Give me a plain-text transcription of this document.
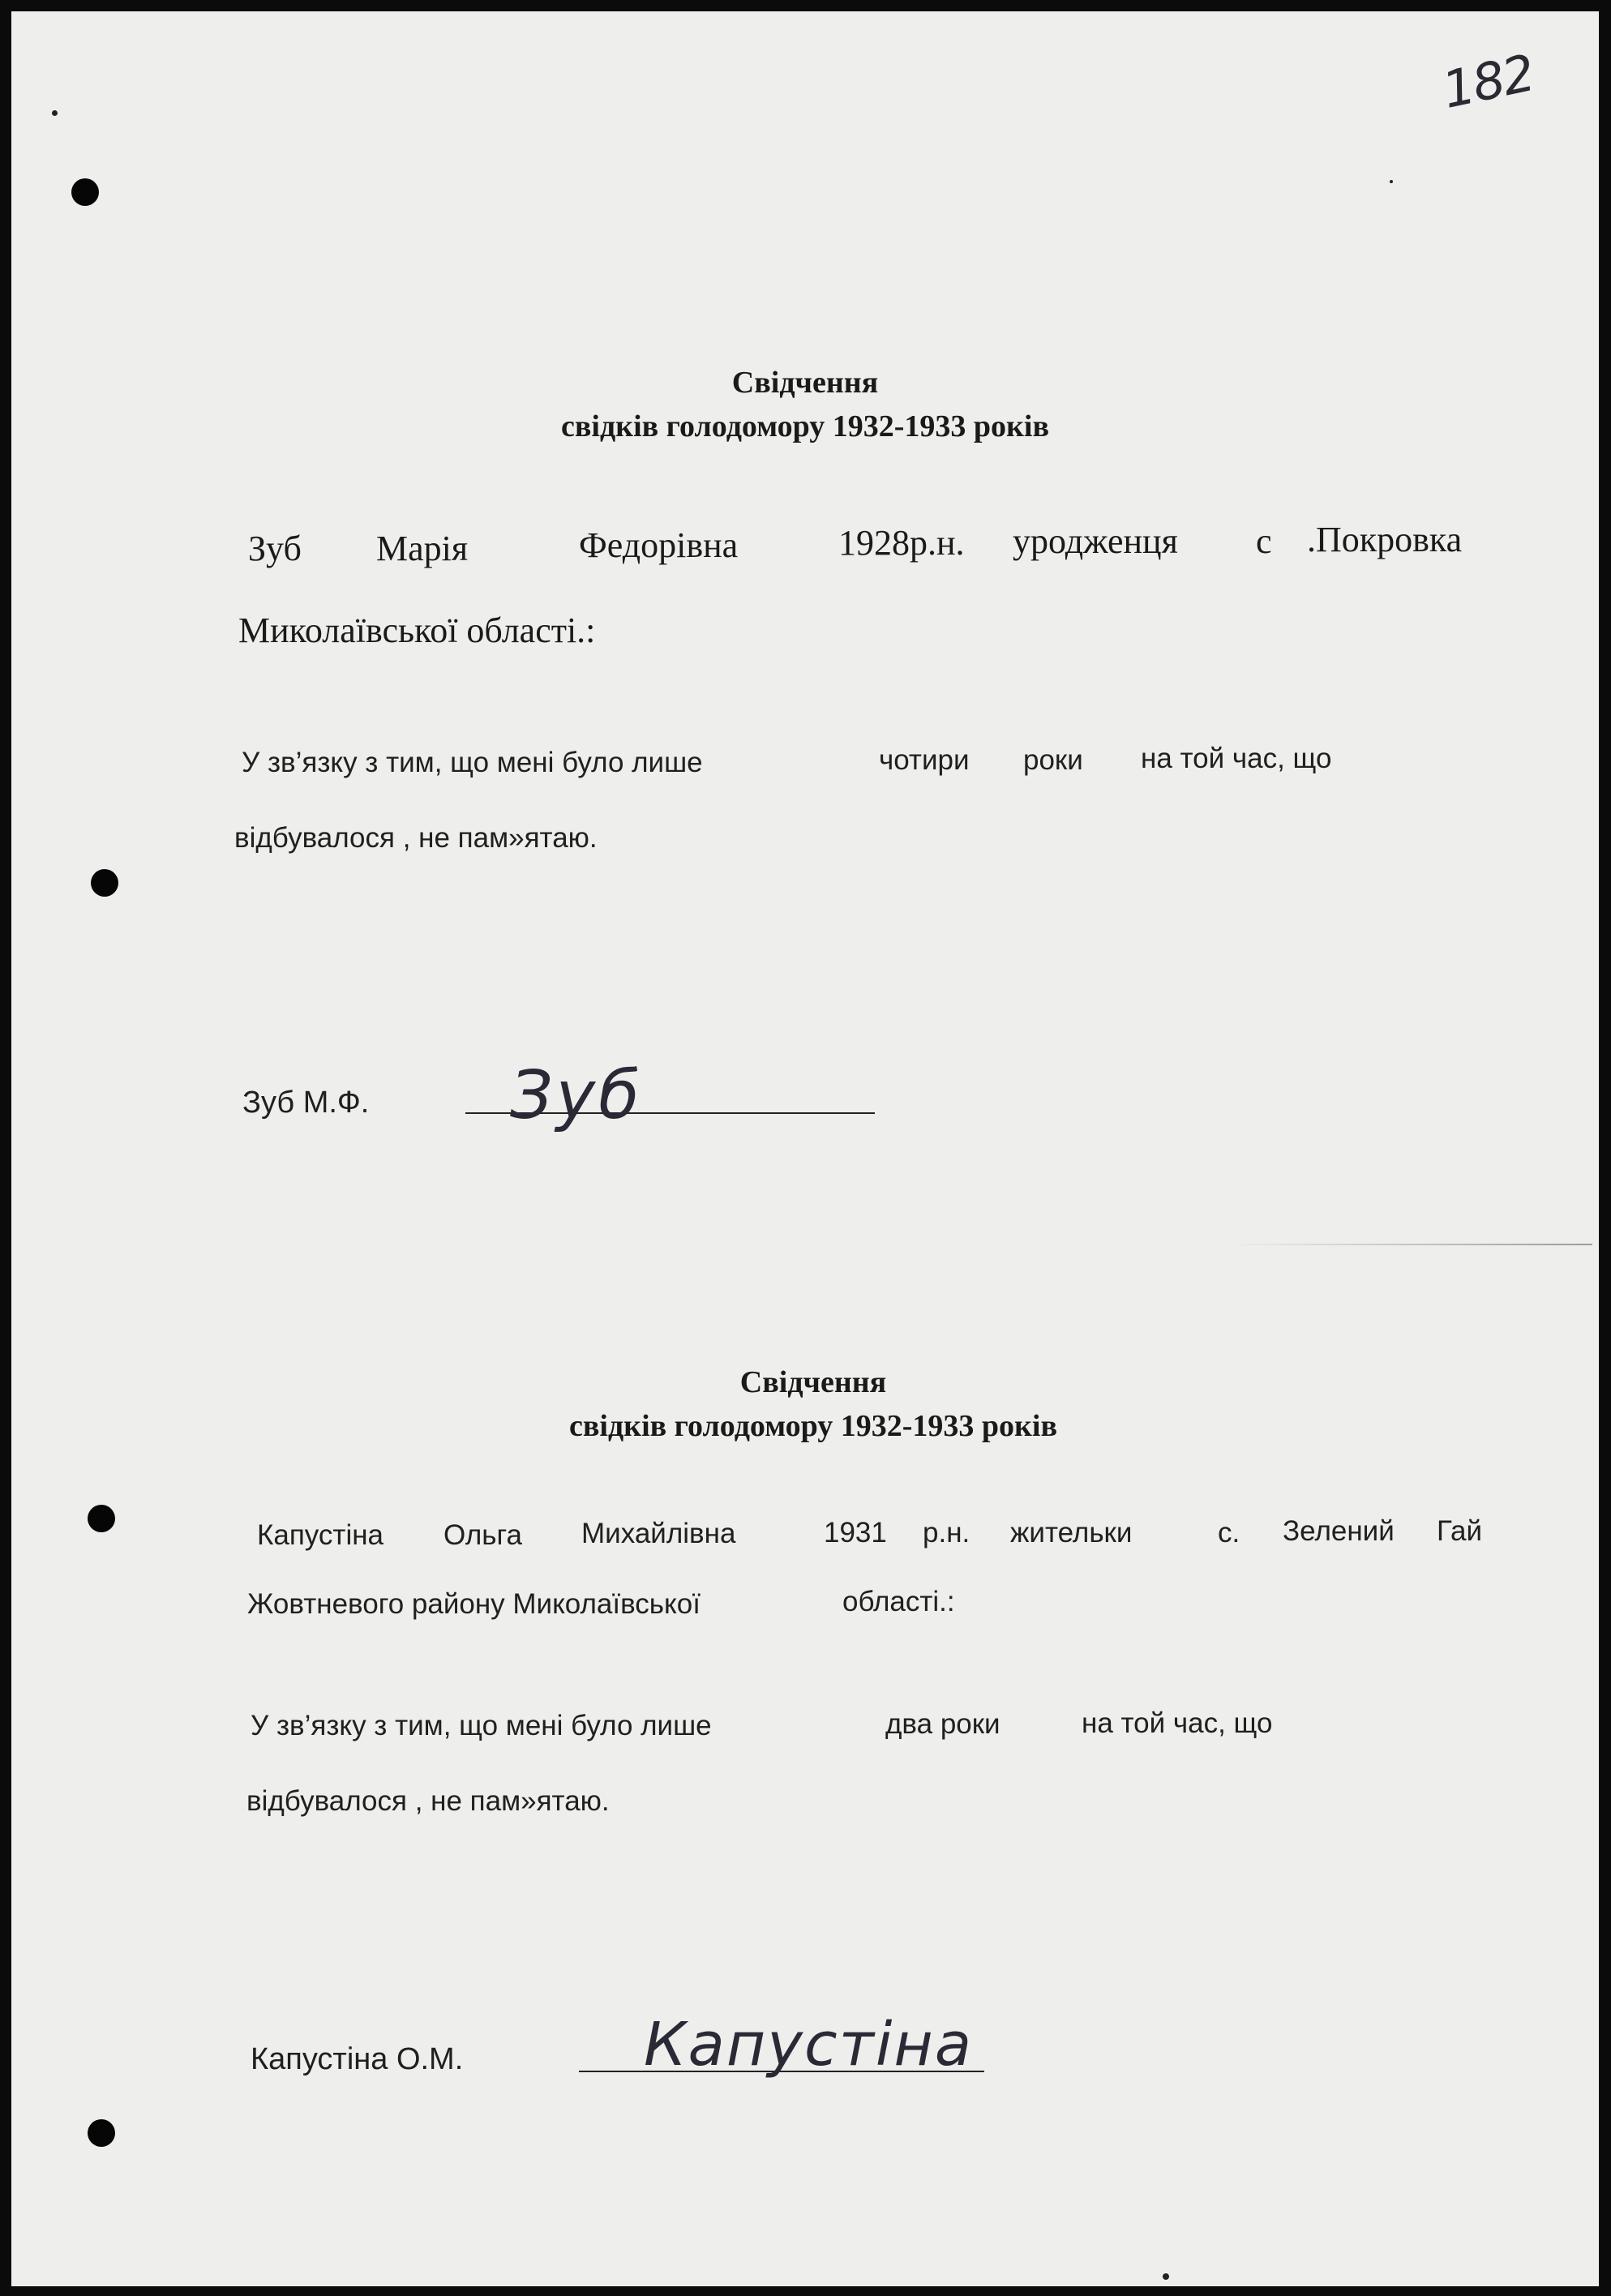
182
Свідчення
свідків голодомору 1932-1933 років
Зуб Марія	Федорівна	1928р.н. уродженця с .Покровка
Миколаївської області.:
У зв’язку з тим, що мені було лише	чотири роки на той час, що
відбувалося , не пам»ятаю.
Зуб М.Ф. Зуб
Свідчення
свідків голодомору 1932-1933 років
Капустіна Ольга Михайлівна	1931 р.н. жительки	с. Зелений Гай
Жовтневого району Миколаївської	області.:
У зв’язку з тим, що мені було лише	два роки	на той час, що
відбувалося , не пам»ятаю.
Капустіна О.М.	Капустіна
